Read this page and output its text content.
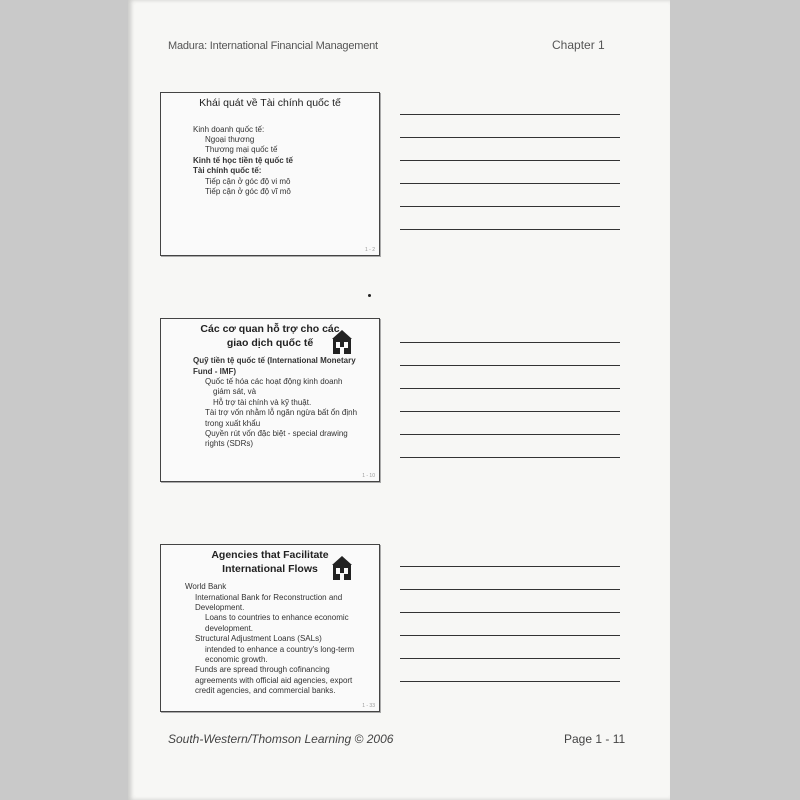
Madura: International Financial Management	Chapter 1
Khái quát về Tài chính quốc tế
Kinh doanh quốc tế:
Ngoại thương
Thương mại quốc tế
Kinh tế học tiền tệ quốc tế
Tài chính quốc tế:
Tiếp cận ở góc độ vi mô
Tiếp cận ở góc độ vĩ mô
1 - 2
Các cơ quan hỗ trợ cho các
giao dịch quốc tế
Quỹ tiền tệ quốc tế (International Monetary Fund - IMF)
Quốc tế hóa các hoạt động kinh doanh
giám sát, và
Hỗ trợ tài chính và kỹ thuật.
Tài trợ vốn nhằm lỗ ngăn ngừa bất ổn định trong xuất khẩu
Quyền rút vốn đặc biệt - special drawing rights (SDRs)
1 - 10
Agencies that Facilitate
International Flows
World Bank
International Bank for Reconstruction and Development.
Loans to countries to enhance economic development.
Structural Adjustment Loans (SALs)
intended to enhance a country's long-term economic growth.
Funds are spread through cofinancing agreements with official aid agencies, export credit agencies, and commercial banks.
1 - 33
South-Western/Thomson Learning © 2006	Page 1 - 11
